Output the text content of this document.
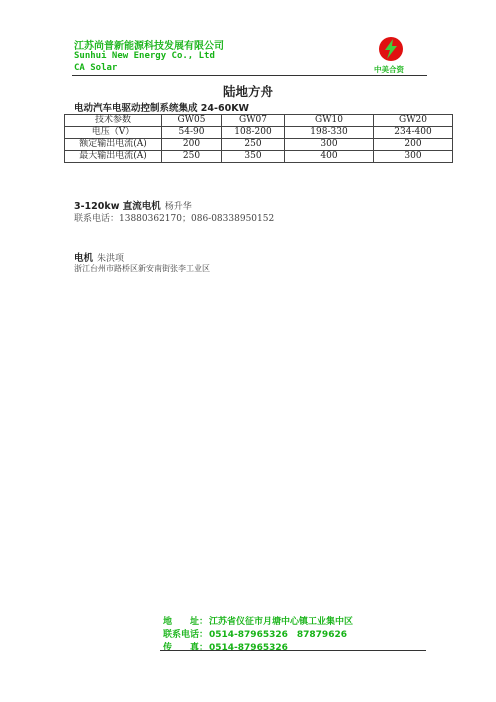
江苏尚普新能源科技发展有限公司
Sunhui New Energy Co., Ltd
CA Solar	中美合资
陆地方舟
电动汽车电驱动控制系统集成 24-60KW
技术参数	GW05	GW07	GW10	GW20
电压（V）	54-90	108-200	198-330	234-400
额定输出电流(A)	200	250	300	200
最大输出电流(A)	250	350	400	300
3-120kw 直流电机 杨升华
联系电话：13880362170；086-08338950152
电机 朱洪项
浙江台州市路桥区新安南街张李工业区
地　　址：江苏省仪征市月塘中心镇工业集中区
联系电话：0514-87965326　87879626
传　　真：0514-87965326
